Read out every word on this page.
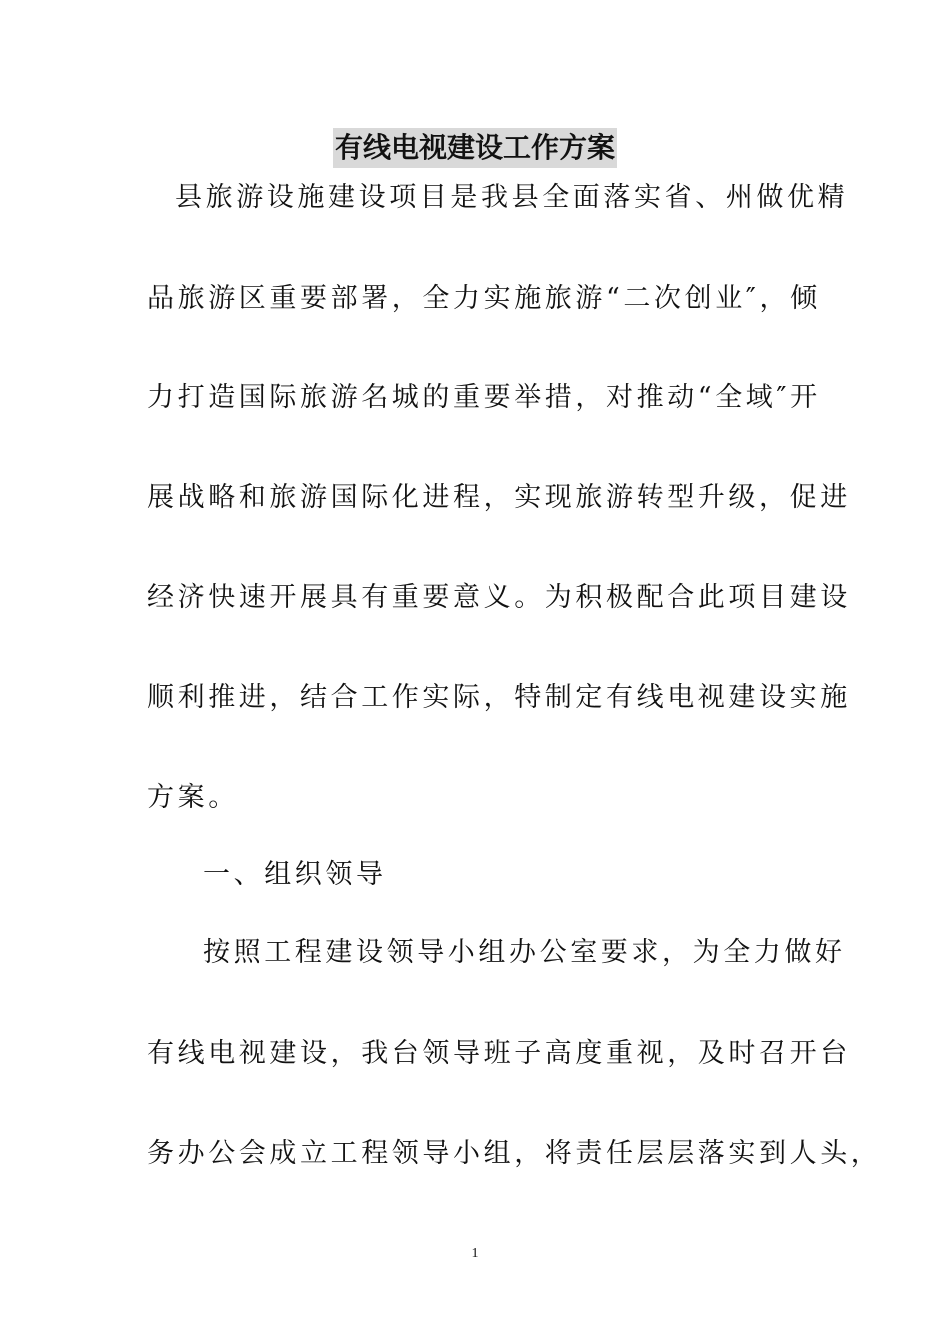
有线电视建设工作方案
县旅游设施建设项目是我县全面落实省、州做优精
品旅游区重要部署，全力实施旅游“二次创业″，倾
力打造国际旅游名城的重要举措，对推动“全域″开
展战略和旅游国际化进程，实现旅游转型升级，促进
经济快速开展具有重要意义。为积极配合此项目建设
顺利推进，结合工作实际，特制定有线电视建设实施
方案。
一、组织领导
按照工程建设领导小组办公室要求，为全力做好
有线电视建设，我台领导班子高度重视，及时召开台
务办公会成立工程领导小组，将责任层层落实到人头，
1
